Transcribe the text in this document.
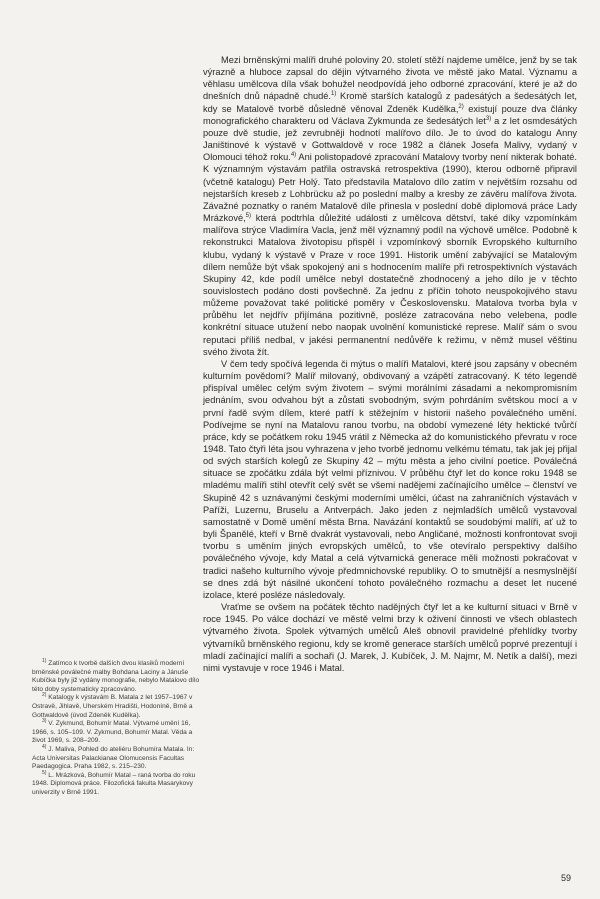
Mezi brněnskými malíři druhé poloviny 20. století stěží najdeme umělce, jenž by se tak výrazně a hluboce zapsal do dějin výtvarného života ve městě jako Matal. Významu a věhlasu umělcova díla však bohužel neodpovídá jeho odborné zpracování, které je až do dnešních dnů nápadně chudé.$^{1)}$ Kromě starších katalogů z padesátých a šedesátých let, kdy se Matalově tvorbě důsledně věnoval Zdeněk Kudělka,$^{2)}$ existují pouze dva články monografického charakteru od Václava Zykmunda ze šedesátých let$^{3)}$ a z let osmdesátých pouze dvě studie, jež zevrubněji hodnotí malířovo dílo. Je to úvod do katalogu Anny Janištinové k výstavě v Gottwaldově v roce 1982 a článek Josefa Malivy, vydaný v Olomouci téhož roku.$^{4)}$ Ani polistopadové zpracování Matalovy tvorby není nikterak bohaté. K významným výstavám patřila ostravská retrospektiva (1990), kterou odborně připravil (včetně katalogu) Petr Holý. Tato představila Matalovo dílo zatím v největším rozsahu od nejstarších kreseb z Lohbrücku až po poslední malby a kresby ze závěru malířova života. Závažné poznatky o raném Matalově díle přinesla v poslední době diplomová práce Lady Mrázkové,$^{5)}$ která podtrhla důležité události z umělcova dětství, také díky vzpomínkám malířova strýce Vladimíra Vacla, jenž měl významný podíl na výchově umělce. Podobně k rekonstrukci Matalova životopisu přispěl i vzpomínkový sborník Evropského kulturního klubu, vydaný k výstavě v Praze v roce 1991. Historik umění zabývající se Matalovým dílem nemůže být však spokojený ani s hodnocením malíře při retrospektivních výstavách Skupiny 42, kde podíl umělce nebyl dostatečně zhodnocený a jeho dílo je v těchto souvislostech podáno dosti povšechně. Za jednu z příčin tohoto neuspokojivého stavu můžeme považovat také politické poměry v Československu. Matalova tvorba byla v průběhu let nejdřív přijímána pozitivně, posléze zatracována nebo velebena, podle konkrétní situace utužení nebo naopak uvolnění komunistické represe. Malíř sám o svou reputaci příliš nedbal, v jakési permanentní nedůvěře k režimu, v němž musel věštinu svého života žít.

V čem tedy spočívá legenda či mýtus o malíři Matalovi, které jsou zapsány v obecném kulturním povědomí? Malíř milovaný, obdivovaný a vzápětí zatracovaný. K této legendě přispíval umělec celým svým životem – svými morálními zásadami a nekompromisním jednáním, svou odvahou být a zůstati svobodným, svým pohrdáním světskou mocí a v první řadě svým dílem, které patří k stěžejním v historii našeho poválečného umění. Podívejme se nyní na Matalovu ranou tvorbu, na období vymezené léty hektické tvůrčí práce, kdy se počátkem roku 1945 vrátil z Německa až do komunistického převratu v roce 1948. Tato čtyři léta jsou vyhrazena v jeho tvorbě jednomu velkému tématu, tak jak jej přijal od svých starších kolegů ze Skupiny 42 – mýtu města a jeho civilní poetice. Poválečná situace se zpočátku zdála být velmi příznivou. V průběhu čtyř let do konce roku 1948 se mladému malíři stihl otevřít celý svět se všemi nadějemi začínajícího umělce – členství ve Skupině 42 s uznávanými českými moderními umělci, účast na zahraničních výstavách v Paříži, Luzernu, Bruselu a Antverpách. Jako jeden z nejmladších umělců vystavoval samostatně v Domě umění města Brna. Navázání kontaktů se soudobými malíři, ať už to byli Španělé, kteří v Brně dvakrát vystavovali, nebo Angličané, možnosti konfrontovat svoji tvorbu s uměním jiných evropských umělců, to vše otevíralo perspektivy dalšího poválečného vývoje, kdy Matal a celá výtvarnická generace měli možnosti pokračovat v tradici našeho kulturního vývoje předmnichovské republiky. O to smutnější a nesmyslnější se dnes zdá být násilné ukončení tohoto poválečného rozmachu a deset let nucené izolace, které posléze následovaly.

Vraťme se ovšem na počátek těchto nadějných čtyř let a ke kulturní situaci v Brně v roce 1945. Po válce dochází ve městě velmi brzy k oživení činnosti ve všech oblastech výtvarného života. Spolek výtvarných umělců Aleš obnovil pravidelné přehlídky tvorby výtvarníků brněnského regionu, kdy se kromě generace starších umělců poprvé prezentují i mladí začínající malíři a sochaři (J. Marek, J. Kubíček, J. M. Najmr, M. Netík a další), mezi nimi vystavuje v roce 1946 i Matal.

$^{1)}$ Zatímco k tvorbě dalších dvou klasiků moderní brněnské poválečné malby Bohdana Laciny a Jánuše Kubíčka byly již vydány monografie, nebylo Matalovo dílo této doby systematicky zpracováno.

$^{2)}$ Katalogy k výstavám B. Matala z let 1957–1967 v Ostravě, Jihlavě, Uherském Hradišti, Hodoníně, Brně a Gottwaldově (úvod Zdeněk Kudělka).

$^{3)}$ V. Zykmund, Bohumír Matal. Výtvarné umění 16, 1966, s. 105–109. V. Zykmund, Bohumír Matal. Věda a život 1969, s. 208–209.

$^{4)}$ J. Maliva, Pohled do ateliéru Bohumíra Matala. In: Acta Universitas Palackianae Olomucensis Facultas Paedagogica. Praha 1982, s. 215–230.

$^{5)}$ L. Mrázková, Bohumír Matal – raná tvorba do roku 1948. Diplomová práce. Filozofická fakulta Masarykovy univerzity v Brně 1991.

59
